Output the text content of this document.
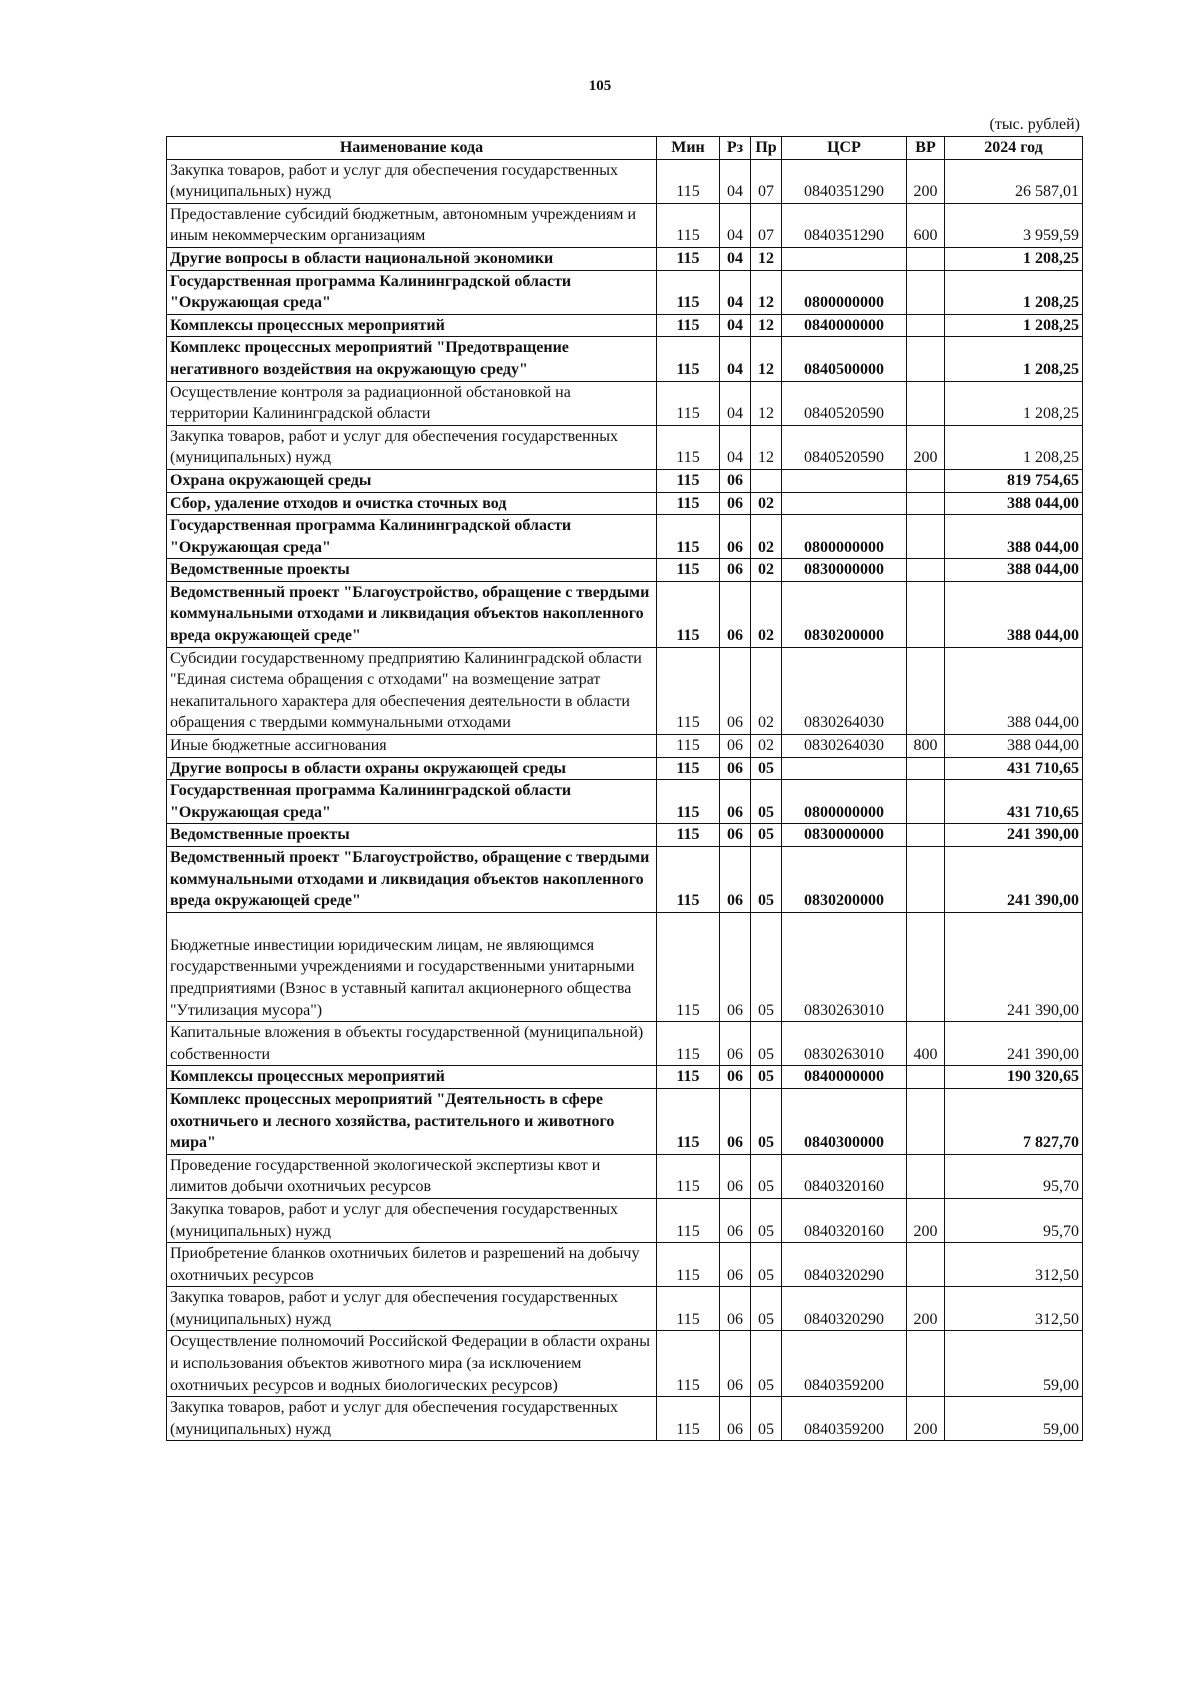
105
(тыс. рублей)
Наименование кода	Мин	Рз	Пр	ЦСР	ВР	2024 год
Закупка товаров, работ и услуг для обеспечения государственных (муниципальных) нужд	115	04	07	0840351290	200	26 587,01
Предоставление субсидий бюджетным, автономным учреждениям и иным некоммерческим организациям	115	04	07	0840351290	600	3 959,59
Другие вопросы в области национальной экономики	115	04	12			1 208,25
Государственная программа Калининградской области "Окружающая среда"	115	04	12	0800000000		1 208,25
Комплексы процессных мероприятий	115	04	12	0840000000		1 208,25
Комплекс процессных мероприятий "Предотвращение негативного воздействия на окружающую среду"	115	04	12	0840500000		1 208,25
Осуществление контроля за радиационной обстановкой на территории Калининградской области	115	04	12	0840520590		1 208,25
Закупка товаров, работ и услуг для обеспечения государственных (муниципальных) нужд	115	04	12	0840520590	200	1 208,25
Охрана окружающей среды	115	06				819 754,65
Сбор, удаление отходов и очистка сточных вод	115	06	02			388 044,00
Государственная программа Калининградской области "Окружающая среда"	115	06	02	0800000000		388 044,00
Ведомственные проекты	115	06	02	0830000000		388 044,00
Ведомственный проект "Благоустройство, обращение с твердыми коммунальными отходами и ликвидация объектов накопленного вреда окружающей среде"	115	06	02	0830200000		388 044,00
Субсидии государственному предприятию Калининградской области "Единая система обращения с отходами" на возмещение затрат некапитального характера для обеспечения деятельности в области обращения с твердыми коммунальными отходами	115	06	02	0830264030		388 044,00
Иные бюджетные ассигнования	115	06	02	0830264030	800	388 044,00
Другие вопросы в области охраны окружающей среды	115	06	05			431 710,65
Государственная программа Калининградской области "Окружающая среда"	115	06	05	0800000000		431 710,65
Ведомственные проекты	115	06	05	0830000000		241 390,00
Ведомственный проект "Благоустройство, обращение с твердыми коммунальными отходами и ликвидация объектов накопленного вреда окружающей среде"	115	06	05	0830200000		241 390,00

Бюджетные инвестиции юридическим лицам, не являющимся государственными учреждениями и государственными унитарными предприятиями (Взнос в уставный капитал акционерного общества "Утилизация мусора")	115	06	05	0830263010		241 390,00
Капитальные вложения в объекты государственной (муниципальной) собственности	115	06	05	0830263010	400	241 390,00
Комплексы процессных мероприятий	115	06	05	0840000000		190 320,65
Комплекс процессных мероприятий "Деятельность в сфере охотничьего и лесного хозяйства, растительного и животного мира"	115	06	05	0840300000		7 827,70
Проведение государственной экологической экспертизы квот и лимитов добычи охотничьих ресурсов	115	06	05	0840320160		95,70
Закупка товаров, работ и услуг для обеспечения государственных (муниципальных) нужд	115	06	05	0840320160	200	95,70
Приобретение бланков охотничьих билетов и разрешений на добычу охотничьих ресурсов	115	06	05	0840320290		312,50
Закупка товаров, работ и услуг для обеспечения государственных (муниципальных) нужд	115	06	05	0840320290	200	312,50
Осуществление полномочий Российской Федерации в области охраны и использования объектов животного мира (за исключением охотничьих ресурсов и водных биологических ресурсов)	115	06	05	0840359200		59,00
Закупка товаров, работ и услуг для обеспечения государственных (муниципальных) нужд	115	06	05	0840359200	200	59,00
